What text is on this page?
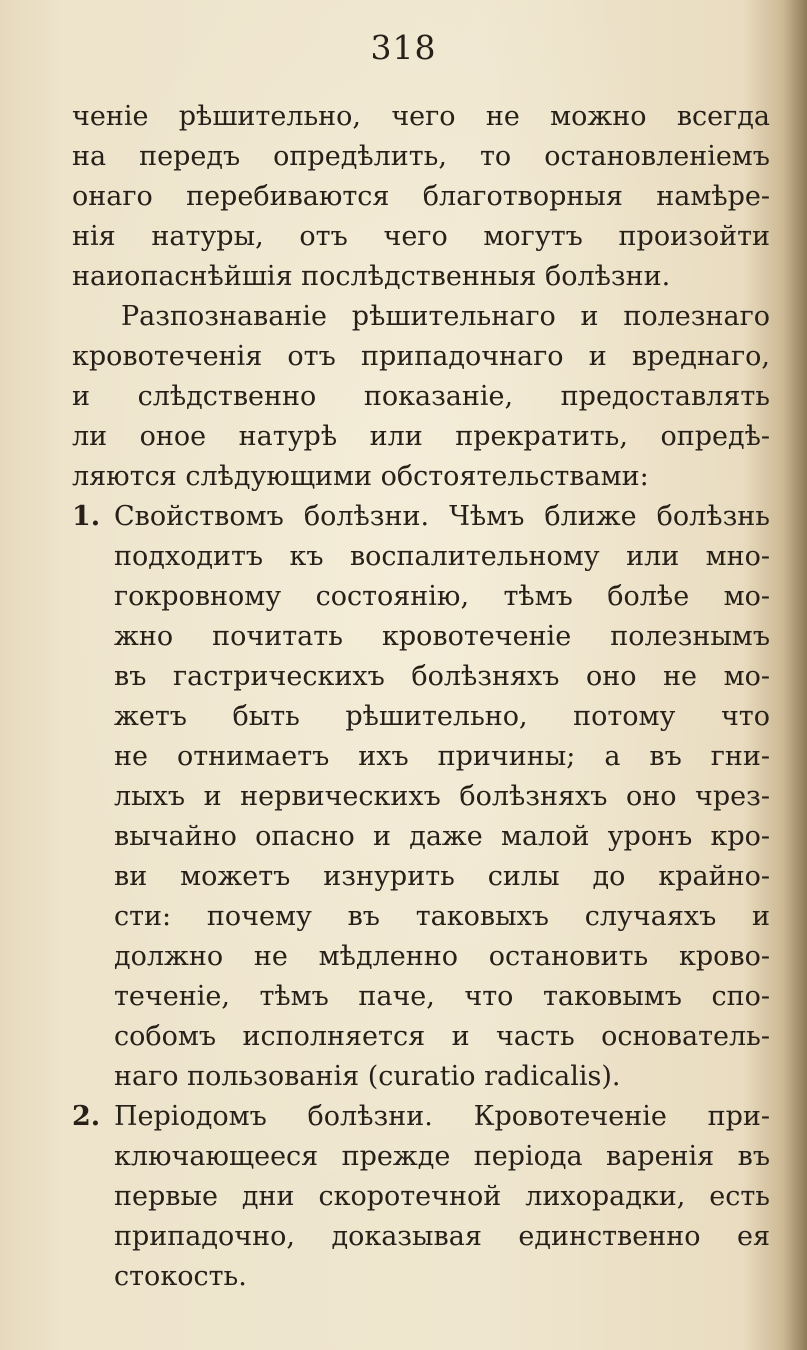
318
ченіе рѣшительно, чего не можно всегда
на передъ опредѣлить, то остановленіемъ
онаго перебиваются благотворныя намѣре-
нія натуры, отъ чего могутъ произойти
наиопаснѣйшія послѣдственныя болѣзни.
Разпознаваніе рѣшительнаго и полезнаго
кровотеченія отъ припадочнаго и вреднаго,
и слѣдственно показаніе, предоставлять
ли оное натурѣ или прекратить, опредѣ-
ляются слѣдующими обстоятельствами:
1. Свойствомъ болѣзни. Чѣмъ ближе болѣзнь
подходитъ къ воспалительному или мно-
гокровному состоянію, тѣмъ болѣе мо-
жно почитать кровотеченіе полезнымъ
въ гастрическихъ болѣзняхъ оно не мо-
жетъ быть рѣшительно, потому что
не отнимаетъ ихъ причины; а въ гни-
лыхъ и нервическихъ болѣзняхъ оно чрез-
вычайно опасно и даже малой уронъ кро-
ви можетъ изнурить силы до крайно-
сти: почему въ таковыхъ случаяхъ и
должно не мѣдленно остановить крово-
теченіе, тѣмъ паче, что таковымъ спо-
собомъ исполняется и часть основатель-
наго пользованія (curatio radicalis).
2. Періодомъ болѣзни. Кровотеченіе при-
ключающееся прежде періода варенія въ
первые дни скоротечной лихорадки, есть
припадочно, доказывая единственно ея
стокость.
